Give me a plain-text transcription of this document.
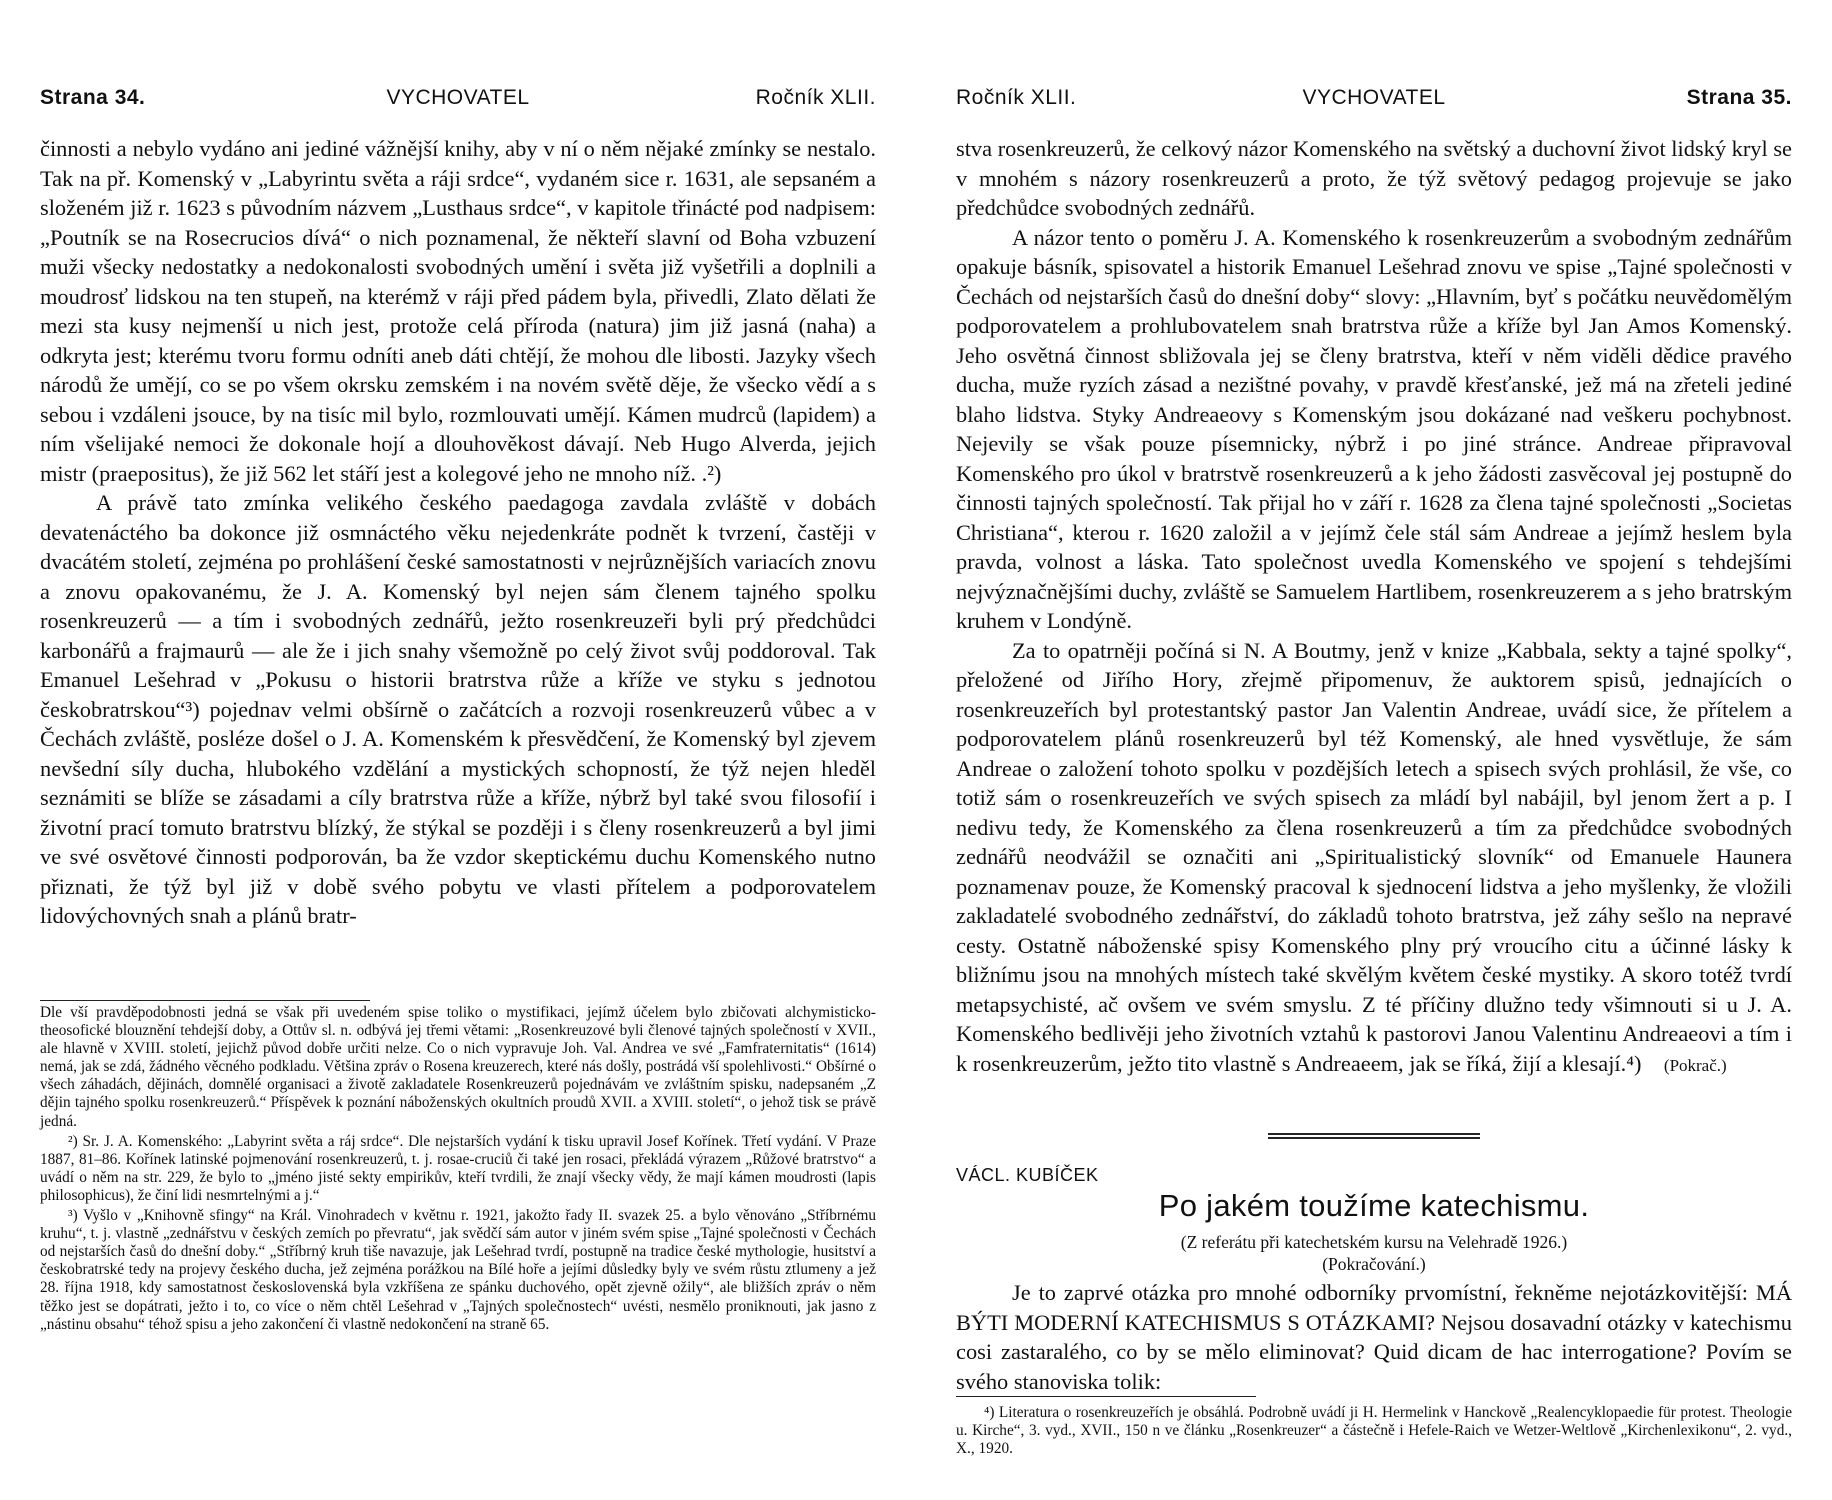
Strana 34.	VYCHOVATEL	Ročník XLII.

činnosti a nebylo vydáno ani jediné vážnější knihy, aby v ní o něm nějaké zmínky se nestalo. Tak na př. Komenský v „Labyrintu světa a ráji srdce“, vydaném sice r. 1631, ale sepsaném a složeném již r. 1623 s původním názvem „Lusthaus srdce“, v kapitole třinácté pod nadpisem: „Poutník se na Rosecrucios dívá“ o nich poznamenal, že někteří slavní od Boha vzbuzení muži všecky nedostatky a nedokonalosti svobodných umění i světa již vyšetřili a doplnili a moudrosť lidskou na ten stupeň, na kterémž v ráji před pádem byla, přivedli, Zlato dělati že mezi sta kusy nejmenší u nich jest, protože celá příroda (natura) jim již jasná (naha) a odkryta jest; kterému tvoru formu odníti aneb dáti chtějí, že mohou dle libosti. Jazyky všech národů že umějí, co se po všem okrsku zemském i na novém světě děje, že všecko vědí a s sebou i vzdáleni jsouce, by na tisíc mil bylo, rozmlouvati umějí. Kámen mudrců (lapidem) a ním všelijaké nemoci že dokonale hojí a dlouhověkost dávají. Neb Hugo Alverda, jejich mistr (praepositus), že již 562 let stáří jest a kolegové jeho ne mnoho níž. .²)

A právě tato zmínka velikého českého paedagoga zavdala zvláště v dobách devatenáctého ba dokonce již osmnáctého věku nejedenkráte podnět k tvrzení, častěji v dvacátém století, zejména po prohlášení české samostatnosti v nejrůznějších variacích znovu a znovu opakovanému, že J. A. Komenský byl nejen sám členem tajného spolku rosenkreuzerů — a tím i svobodných zednářů, ježto rosenkreuzeři byli prý předchůdci karbonářů a frajmaurů — ale že i jich snahy všemožně po celý život svůj poddoroval. Tak Emanuel Lešehrad v „Pokusu o historii bratrstva růže a kříže ve styku s jednotou českobratrskou“³) pojednav velmi obšírně o začátcích a rozvoji rosenkreuzerů vůbec a v Čechách zvláště, posléze došel o J. A. Komenském k přesvědčení, že Komenský byl zjevem nevšední síly ducha, hlubokého vzdělání a mystických schopností, že týž nejen hleděl seznámiti se blíže se zásadami a cíly bratrstva růže a kříže, nýbrž byl také svou filosofií i životní prací tomuto bratrstvu blízký, že stýkal se později i s členy rosenkreuzerů a byl jimi ve své osvětové činnosti podporován, ba že vzdor skeptickému duchu Komenského nutno přiznati, že týž byl již v době svého pobytu ve vlasti přítelem a podporovatelem lidovýchovných snah a plánů bratr-

Dle vší pravděpodobnosti jedná se však při uvedeném spise toliko o mystifikaci, jejímž účelem bylo zbičovati alchymisticko-theosofické blouznění tehdejší doby, a Ottův sl. n. odbývá jej třemi větami: „Rosenkreuzové byli členové tajných společností v XVII., ale hlavně v XVIII. století, jejichž původ dobře určiti nelze. Co o nich vypravuje Joh. Val. Andrea ve své „Famfraternitatis“ (1614) nemá, jak se zdá, žádného věcného podkladu. Většina zpráv o Rosena kreuzerech, které nás došly, postrádá vší spolehlivosti.“ Obšírné o všech záhadách, dějinách, domnělé organisaci a životě zakladatele Rosenkreuzerů pojednávám ve zvláštním spisku, nadepsaném „Z dějin tajného spolku rosenkreuzerů.“ Příspěvek k poznání náboženských okultních proudů XVII. a XVIII. století“, o jehož tisk se právě jedná.

²) Sr. J. A. Komenského: „Labyrint světa a ráj srdce“. Dle nejstarších vydání k tisku upravil Josef Kořínek. Třetí vydání. V Praze 1887, 81–86. Kořínek latinské pojmenování rosenkreuzerů, t. j. rosae-cruciů či také jen rosaci, překládá výrazem „Růžové bratrstvo“ a uvádí o něm na str. 229, že bylo to „jméno jisté sekty empirikův, kteří tvrdili, že znají všecky vědy, že mají kámen moudrosti (lapis philosophicus), že činí lidi nesmrtelnými a j.“

³) Vyšlo v „Knihovně sfingy“ na Král. Vinohradech v květnu r. 1921, jakožto řady II. svazek 25. a bylo věnováno „Stříbrnému kruhu“, t. j. vlastně „zednářstvu v českých zemích po převratu“, jak svědčí sám autor v jiném svém spise „Tajné společnosti v Čechách od nejstarších časů do dnešní doby.“ „Stříbrný kruh tiše navazuje, jak Lešehrad tvrdí, postupně na tradice české mythologie, husitství a českobratrské tedy na projevy českého ducha, jež zejména porážkou na Bílé hoře a jejími důsledky byly ve svém růstu ztlumeny a jež 28. října 1918, kdy samostatnost československá byla vzkříšena ze spánku duchového, opět zjevně ožily“, ale bližších zpráv o něm těžko jest se dopátrati, ježto i to, co více o něm chtěl Lešehrad v „Tajných společnostech“ uvésti, nesmělo proniknouti, jak jasno z „nástinu obsahu“ téhož spisu a jeho zakončení či vlastně nedokončení na straně 65.

Ročník XLII.	VYCHOVATEL	Strana 35.

stva rosenkreuzerů, že celkový názor Komenského na světský a duchovní život lidský kryl se v mnohém s názory rosenkreuzerů a proto, že týž světový pedagog projevuje se jako předchůdce svobodných zednářů.

A názor tento o poměru J. A. Komenského k rosenkreuzerům a svobodným zednářům opakuje básník, spisovatel a historik Emanuel Lešehrad znovu ve spise „Tajné společnosti v Čechách od nejstarších časů do dnešní doby“ slovy: „Hlavním, byť s počátku neuvědomělým podporovatelem a prohlubovatelem snah bratrstva růže a kříže byl Jan Amos Komenský. Jeho osvětná činnost sbližovala jej se členy bratrstva, kteří v něm viděli dědice pravého ducha, muže ryzích zásad a nezištné povahy, v pravdě křesťanské, jež má na zřeteli jediné blaho lidstva. Styky Andreaeovy s Komenským jsou dokázané nad veškeru pochybnost. Nejevily se však pouze písemnicky, nýbrž i po jiné stránce. Andreae připravoval Komenského pro úkol v bratrstvě rosenkreuzerů a k jeho žádosti zasvěcoval jej postupně do činnosti tajných společností. Tak přijal ho v září r. 1628 za člena tajné společnosti „Societas Christiana“, kterou r. 1620 založil a v jejímž čele stál sám Andreae a jejímž heslem byla pravda, volnost a láska. Tato společnost uvedla Komenského ve spojení s tehdejšími nejvýznačnějšími duchy, zvláště se Samuelem Hartlibem, rosenkreuzerem a s jeho bratrským kruhem v Londýně.

Za to opatrněji počíná si N. A Boutmy, jenž v knize „Kabbala, sekty a tajné spolky“, přeložené od Jiřího Hory, zřejmě připomenuv, že auktorem spisů, jednajících o rosenkreuzeřích byl protestantský pastor Jan Valentin Andreae, uvádí sice, že přítelem a podporovatelem plánů rosenkreuzerů byl též Komenský, ale hned vysvětluje, že sám Andreae o založení tohoto spolku v pozdějších letech a spisech svých prohlásil, že vše, co totiž sám o rosenkreuzeřích ve svých spisech za mládí byl nabájil, byl jenom žert a p. I nedivu tedy, že Komenského za člena rosenkreuzerů a tím za předchůdce svobodných zednářů neodvážil se označiti ani „Spiritualistický slovník“ od Emanuele Haunera poznamenav pouze, že Komenský pracoval k sjednocení lidstva a jeho myšlenky, že vložili zakladatelé svobodného zednářství, do základů tohoto bratrstva, jež záhy sešlo na nepravé cesty. Ostatně náboženské spisy Komenského plny prý vroucího citu a účinné lásky k bližnímu jsou na mnohých místech také skvělým květem české mystiky. A skoro totéž tvrdí metapsychisté, ač ovšem ve svém smyslu. Z té příčiny dlužno tedy všimnouti si u J. A. Komenského bedlivěji jeho životních vztahů k pastorovi Janou Valentinu Andreaeovi a tím i k rosenkreuzerům, ježto tito vlastně s Andreaeem, jak se říká, žijí a klesají.⁴) (Pokrač.)

VÁCL. KUBÍČEK
Po jakém toužíme katechismu.
(Z referátu při katechetském kursu na Velehradě 1926.)
(Pokračování.)

Je to zaprvé otázka pro mnohé odborníky prvomístní, řekněme nejotázkovitější: MÁ BÝTI MODERNÍ KATECHISMUS S OTÁZKAMI? Nejsou dosavadní otázky v katechismu cosi zastaralého, co by se mělo eliminovat? Quid dicam de hac interrogatione? Povím se svého stanoviska tolik:

⁴) Literatura o rosenkreuzeřích je obsáhlá. Podrobně uvádí ji H. Hermelink v Hanckově „Realencyklopaedie für protest. Theologie u. Kirche“, 3. vyd., XVII., 150 n ve článku „Rosenkreuzer“ a částečně i Hefele-Raich ve Wetzer-Weltlově „Kirchenlexikonu“, 2. vyd., X., 1920.
